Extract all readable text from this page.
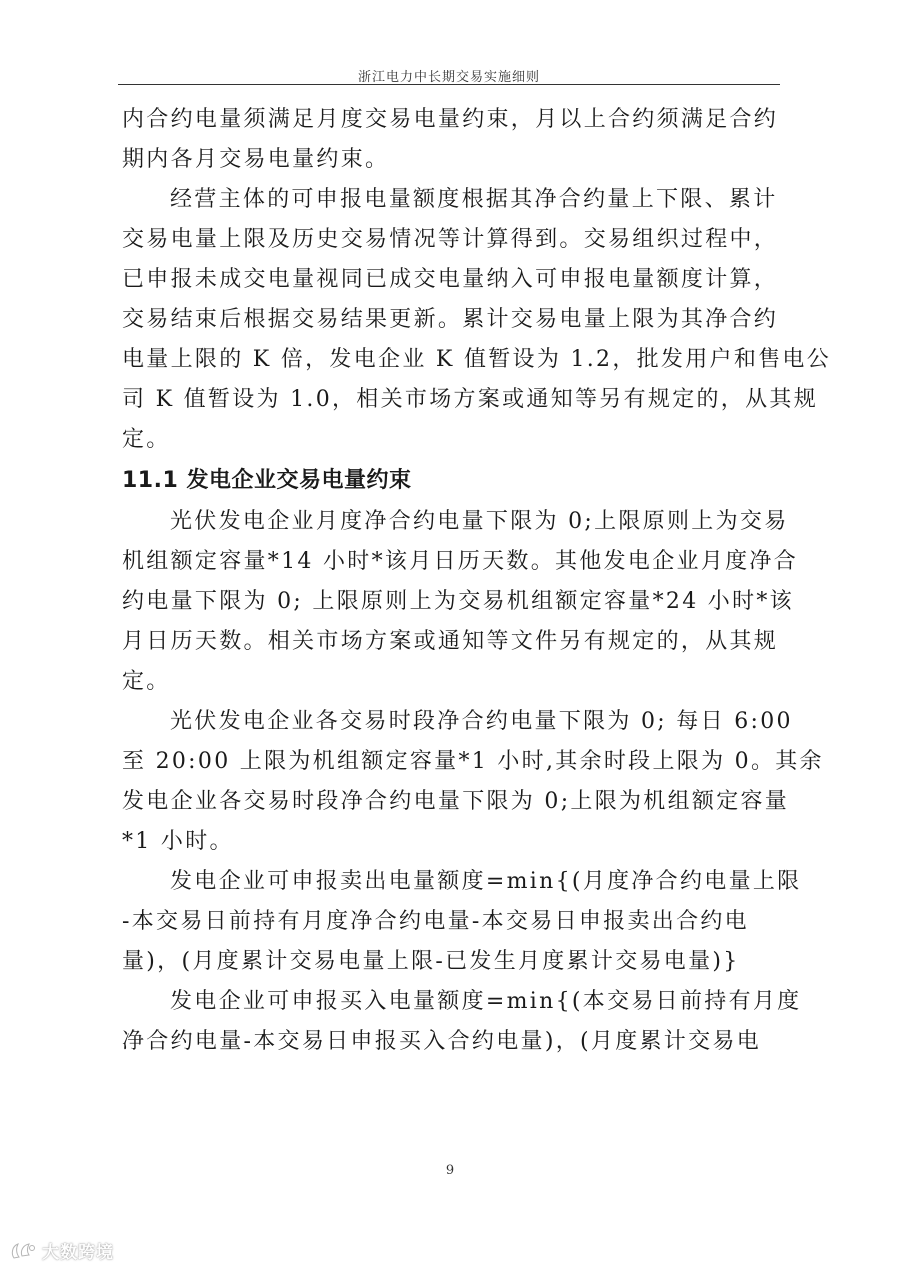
浙江电力中长期交易实施细则
内合约电量须满足月度交易电量约束，月以上合约须满足合约
期内各月交易电量约束。
经营主体的可申报电量额度根据其净合约量上下限、累计
交易电量上限及历史交易情况等计算得到。交易组织过程中，
已申报未成交电量视同已成交电量纳入可申报电量额度计算，
交易结束后根据交易结果更新。累计交易电量上限为其净合约
电量上限的 K 倍，发电企业 K 值暂设为 1.2，批发用户和售电公
司 K 值暂设为 1.0，相关市场方案或通知等另有规定的，从其规
定。
11.1 发电企业交易电量约束
光伏发电企业月度净合约电量下限为 0;上限原则上为交易
机组额定容量*14 小时*该月日历天数。其他发电企业月度净合
约电量下限为 0; 上限原则上为交易机组额定容量*24 小时*该
月日历天数。相关市场方案或通知等文件另有规定的，从其规
定。
光伏发电企业各交易时段净合约电量下限为 0; 每日 6:00
至 20:00 上限为机组额定容量*1 小时,其余时段上限为 0。其余
发电企业各交易时段净合约电量下限为 0;上限为机组额定容量
*1 小时。
发电企业可申报卖出电量额度=min{(月度净合约电量上限
-本交易日前持有月度净合约电量-本交易日申报卖出合约电
量)，(月度累计交易电量上限-已发生月度累计交易电量)}
发电企业可申报买入电量额度=min{(本交易日前持有月度
净合约电量-本交易日申报买入合约电量)，(月度累计交易电
9
大数跨境
